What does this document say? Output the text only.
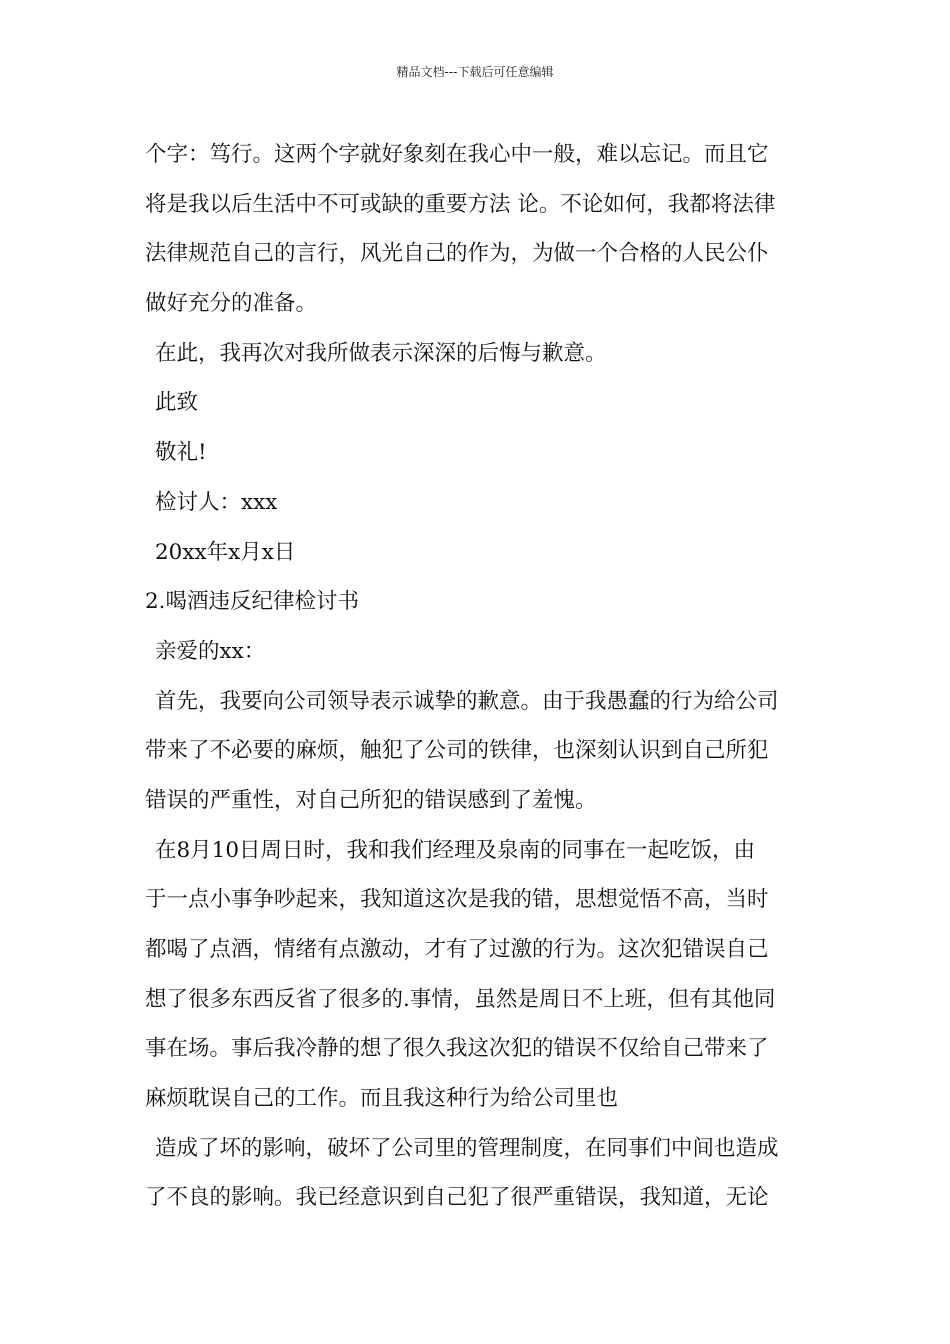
精品文档---下载后可任意编辑
个字：笃行。这两个字就好象刻在我心中一般，难以忘记。而且它
将是我以后生活中不可或缺的重要方法 论。不论如何，我都将法律
法律规范自己的言行，风光自己的作为，为做一个合格的人民公仆
做好充分的准备。
在此，我再次对我所做表示深深的后悔与歉意。
此致
敬礼!
检讨人：xxx
20xx年x月x日
2.喝酒违反纪律检讨书
亲爱的xx：
首先，我要向公司领导表示诚挚的歉意。由于我愚蠢的行为给公司
带来了不必要的麻烦，触犯了公司的铁律，也深刻认识到自己所犯
错误的严重性，对自己所犯的错误感到了羞愧。
在8月10日周日时，我和我们经理及泉南的同事在一起吃饭，由
于一点小事争吵起来，我知道这次是我的错，思想觉悟不高，当时
都喝了点酒，情绪有点激动，才有了过激的行为。这次犯错误自己
想了很多东西反省了很多的.事情，虽然是周日不上班，但有其他同
事在场。事后我冷静的想了很久我这次犯的错误不仅给自己带来了
麻烦耽误自己的工作。而且我这种行为给公司里也
造成了坏的影响，破坏了公司里的管理制度，在同事们中间也造成
了不良的影响。我已经意识到自己犯了很严重错误，我知道，无论
